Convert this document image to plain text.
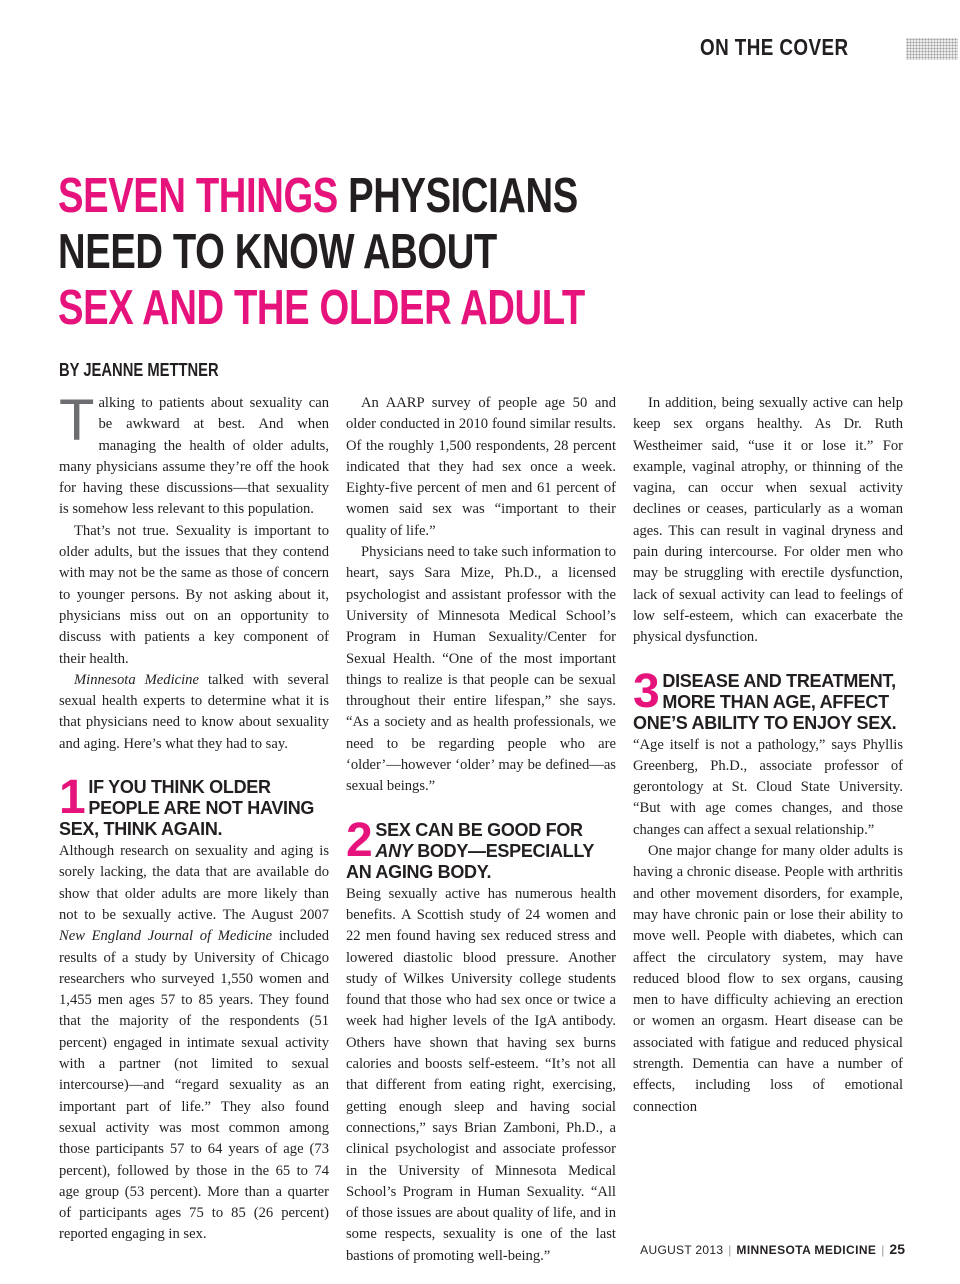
ON THE COVER
SEVEN THINGS PHYSICIANS
NEED TO KNOW ABOUT
SEX AND THE OLDER ADULT
BY JEANNE METTNER

Talking to patients about sexuality can be awkward at best. And when managing the health of older adults, many physicians assume they’re off the hook for having these discussions—that sexuality is somehow less relevant to this population.

That’s not true. Sexuality is important to older adults, but the issues that they contend with may not be the same as those of concern to younger persons. By not asking about it, physicians miss out on an opportunity to discuss with patients a key component of their health.

Minnesota Medicine talked with several sexual health experts to determine what it is that physicians need to know about sexuality and aging. Here’s what they had to say.

1 IF YOU THINK OLDER PEOPLE ARE NOT HAVING SEX, THINK AGAIN.

Although research on sexuality and aging is sorely lacking, the data that are available do show that older adults are more likely than not to be sexually active. The August 2007 New England Journal of Medicine included results of a study by University of Chicago researchers who surveyed 1,550 women and 1,455 men ages 57 to 85 years. They found that the majority of the respondents (51 percent) engaged in intimate sexual activity with a partner (not limited to sexual intercourse)—and “regard sexuality as an important part of life.” They also found sexual activity was most common among those participants 57 to 64 years of age (73 percent), followed by those in the 65 to 74 age group (53 percent). More than a quarter of participants ages 75 to 85 (26 percent) reported engaging in sex.

An AARP survey of people age 50 and older conducted in 2010 found similar results. Of the roughly 1,500 respondents, 28 percent indicated that they had sex once a week. Eighty-five percent of men and 61 percent of women said sex was “important to their quality of life.”

Physicians need to take such information to heart, says Sara Mize, Ph.D., a licensed psychologist and assistant professor with the University of Minnesota Medical School’s Program in Human Sexuality/Center for Sexual Health. “One of the most important things to realize is that people can be sexual throughout their entire lifespan,” she says. “As a society and as health professionals, we need to be regarding people who are ‘older’—however ‘older’ may be defined—as sexual beings.”

2 SEX CAN BE GOOD FOR ANY BODY—ESPECIALLY AN AGING BODY.

Being sexually active has numerous health benefits. A Scottish study of 24 women and 22 men found having sex reduced stress and lowered diastolic blood pressure. Another study of Wilkes University college students found that those who had sex once or twice a week had higher levels of the IgA antibody. Others have shown that having sex burns calories and boosts self-esteem. “It’s not all that different from eating right, exercising, getting enough sleep and having social connections,” says Brian Zamboni, Ph.D., a clinical psychologist and associate professor in the University of Minnesota Medical School’s Program in Human Sexuality. “All of those issues are about quality of life, and in some respects, sexuality is one of the last bastions of promoting well-being.”

In addition, being sexually active can help keep sex organs healthy. As Dr. Ruth Westheimer said, “use it or lose it.” For example, vaginal atrophy, or thinning of the vagina, can occur when sexual activity declines or ceases, particularly as a woman ages. This can result in vaginal dryness and pain during intercourse. For older men who may be struggling with erectile dysfunction, lack of sexual activity can lead to feelings of low self-esteem, which can exacerbate the physical dysfunction.

3 DISEASE AND TREATMENT, MORE THAN AGE, AFFECT ONE’S ABILITY TO ENJOY SEX.

“Age itself is not a pathology,” says Phyllis Greenberg, Ph.D., associate professor of gerontology at St. Cloud State University. “But with age comes changes, and those changes can affect a sexual relationship.”

One major change for many older adults is having a chronic disease. People with arthritis and other movement disorders, for example, may have chronic pain or lose their ability to move well. People with diabetes, which can affect the circulatory system, may have reduced blood flow to sex organs, causing men to have difficulty achieving an erection or women an orgasm. Heart disease can be associated with fatigue and reduced physical strength. Dementia can have a number of effects, including loss of emotional connection

AUGUST 2013 | MINNESOTA MEDICINE | 25
